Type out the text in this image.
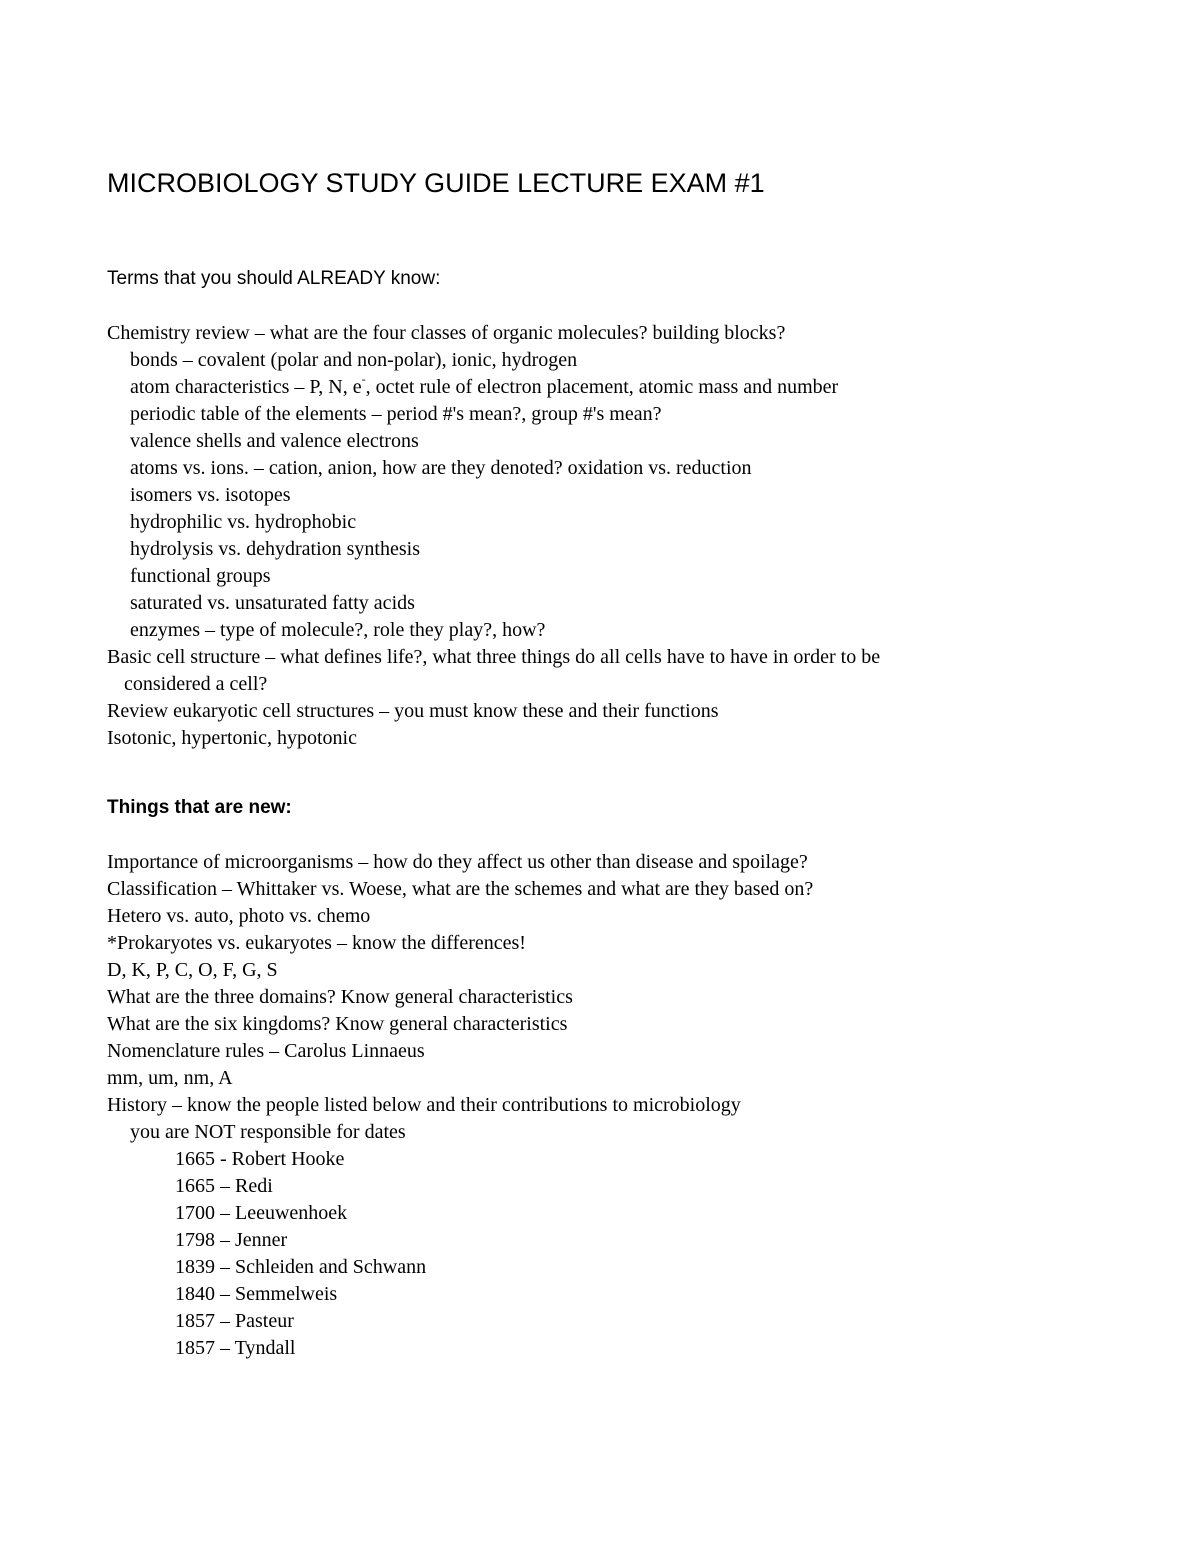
MICROBIOLOGY STUDY GUIDE LECTURE EXAM #1
Terms that you should ALREADY know:
Chemistry review – what are the four classes of organic molecules? building blocks?
bonds – covalent (polar and non-polar), ionic, hydrogen
atom characteristics – P, N, e-, octet rule of electron placement, atomic mass and number
periodic table of the elements – period #'s mean?, group #'s mean?
valence shells and valence electrons
atoms vs. ions. – cation, anion, how are they denoted? oxidation vs. reduction
isomers vs. isotopes
hydrophilic vs. hydrophobic
hydrolysis vs. dehydration synthesis
functional groups
saturated vs. unsaturated fatty acids
enzymes – type of molecule?, role they play?, how?
Basic cell structure – what defines life?, what three things do all cells have to have in order to be
considered a cell?
Review eukaryotic cell structures – you must know these and their functions
Isotonic, hypertonic, hypotonic
Things that are new:
Importance of microorganisms – how do they affect us other than disease and spoilage?
Classification – Whittaker vs. Woese, what are the schemes and what are they based on?
Hetero vs. auto, photo vs. chemo
*Prokaryotes vs. eukaryotes – know the differences!
D, K, P, C, O, F, G, S
What are the three domains? Know general characteristics
What are the six kingdoms? Know general characteristics
Nomenclature rules – Carolus Linnaeus
mm, um, nm, A
History – know the people listed below and their contributions to microbiology
you are NOT responsible for dates
1665 - Robert Hooke
1665 – Redi
1700 – Leeuwenhoek
1798 – Jenner
1839 – Schleiden and Schwann
1840 – Semmelweis
1857 – Pasteur
1857 – Tyndall
